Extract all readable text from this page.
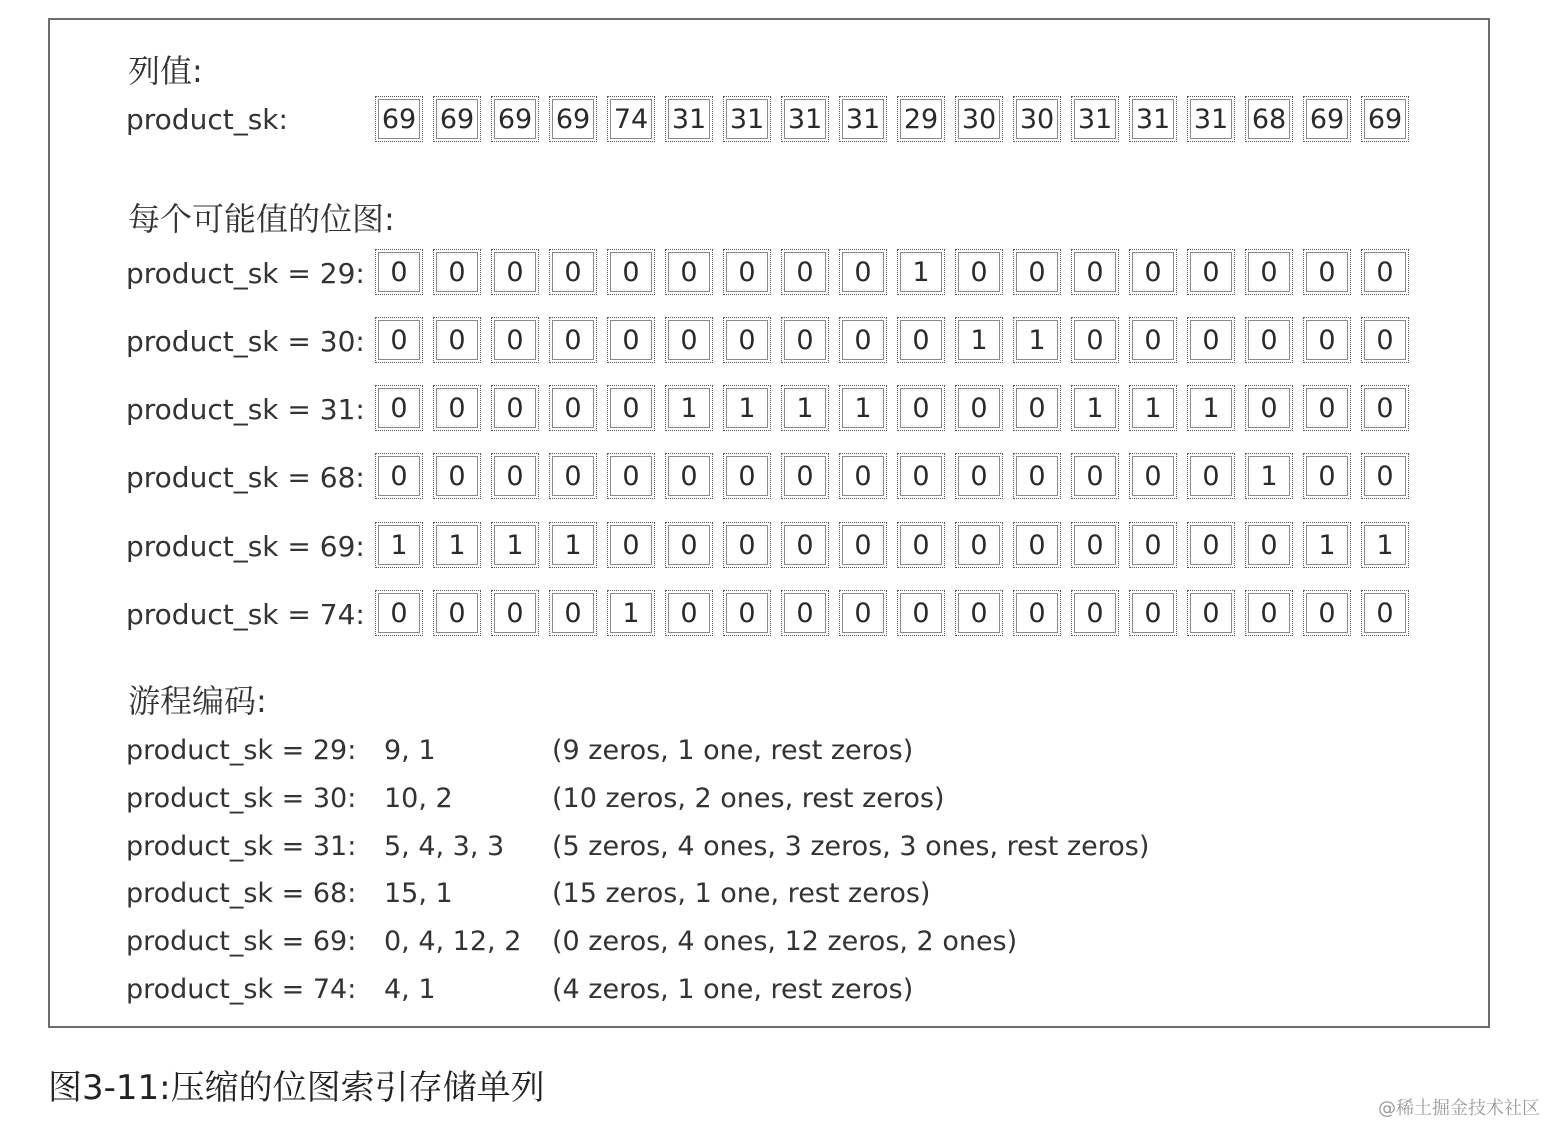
列值:
product_sk:	69 69 69 69 74 31 31 31 31 29 30 30 31 31 31 68 69 69
每个可能值的位图:
product_sk = 29: 0	0	0	0	0	0	0	0	0	1	0	0	0	0	0	0	0	0
product_sk = 30: 0	0	0	0	0	0	0	0	0	0	1	1	0	0	0	0	0	0
product_sk = 31: 0	0	0	0	0	1	1	1	1	0	0	0	1	1	1	0	0	0
product_sk = 68: 0	0	0	0	0	0	0	0	0	0	0	0	0	0	0	1	0	0
product_sk = 69: 1	1	1	1	0	0	0	0	0	0	0	0	0	0	0	0	1	1
product_sk = 74: 0	0	0	0	1	0	0	0	0	0	0	0	0	0	0	0	0	0
游程编码:
product_sk = 29: 9, 1	(9 zeros, 1 one, rest zeros)
product_sk = 30: 10, 2	(10 zeros, 2 ones, rest zeros)
product_sk = 31: 5, 4, 3, 3 (5 zeros, 4 ones, 3 zeros, 3 ones, rest zeros)
product_sk = 68: 15, 1	(15 zeros, 1 one, rest zeros)
product_sk = 69: 0, 4, 12, 2 (0 zeros, 4 ones, 12 zeros, 2 ones)
product_sk = 74: 4, 1	(4 zeros, 1 one, rest zeros)
图3-11:压缩的位图索引存储单列
@稀土掘金技术社区
